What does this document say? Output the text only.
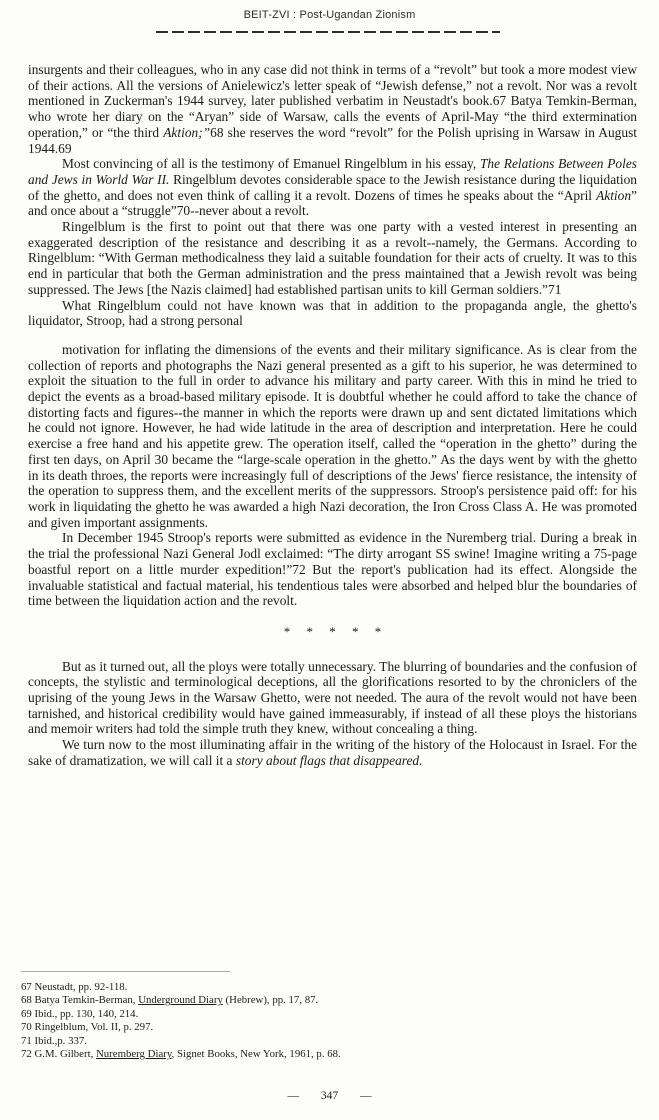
BEIT-ZVI : Post-Ugandan Zionism

insurgents and their colleagues, who in any case did not think in terms of a “revolt” but took a more modest view of their actions. All the versions of Anielewicz's letter speak of “Jewish defense,” not a revolt. Nor was a revolt mentioned in Zuckerman's 1944 survey, later published verbatim in Neustadt's book.67 Batya Temkin-Berman, who wrote her diary on the “Aryan” side of Warsaw, calls the events of April-May “the third extermination operation,” or “the third Aktion;”68 she reserves the word “revolt” for the Polish uprising in Warsaw in August 1944.69

Most convincing of all is the testimony of Emanuel Ringelblum in his essay, The Relations Between Poles and Jews in World War II. Ringelblum devotes considerable space to the Jewish resistance during the liquidation of the ghetto, and does not even think of calling it a revolt. Dozens of times he speaks about the “April Aktion” and once about a “struggle”70--never about a revolt.

Ringelblum is the first to point out that there was one party with a vested interest in presenting an exaggerated description of the resistance and describing it as a revolt--namely, the Germans. According to Ringelblum: “With German methodicalness they laid a suitable foundation for their acts of cruelty. It was to this end in particular that both the German administration and the press maintained that a Jewish revolt was being suppressed. The Jews [the Nazis claimed] had established partisan units to kill German soldiers.”71

What Ringelblum could not have known was that in addition to the propaganda angle, the ghetto's liquidator, Stroop, had a strong personal

motivation for inflating the dimensions of the events and their military significance. As is clear from the collection of reports and photographs the Nazi general presented as a gift to his superior, he was determined to exploit the situation to the full in order to advance his military and party career. With this in mind he tried to depict the events as a broad-based military episode. It is doubtful whether he could afford to take the chance of distorting facts and figures--the manner in which the reports were drawn up and sent dictated limitations which he could not ignore. However, he had wide latitude in the area of description and interpretation. Here he could exercise a free hand and his appetite grew. The operation itself, called the “operation in the ghetto” during the first ten days, on April 30 became the “large-scale operation in the ghetto.” As the days went by with the ghetto in its death throes, the reports were increasingly full of descriptions of the Jews' fierce resistance, the intensity of the operation to suppress them, and the excellent merits of the suppressors. Stroop's persistence paid off: for his work in liquidating the ghetto he was awarded a high Nazi decoration, the Iron Cross Class A. He was promoted and given important assignments.

In December 1945 Stroop's reports were submitted as evidence in the Nuremberg trial. During a break in the trial the professional Nazi General Jodl exclaimed: “The dirty arrogant SS swine! Imagine writing a 75-page boastful report on a little murder expedition!”72 But the report's publication had its effect. Alongside the invaluable statistical and factual material, his tendentious tales were absorbed and helped blur the boundaries of time between the liquidation action and the revolt.

* * * * *

But as it turned out, all the ploys were totally unnecessary. The blurring of boundaries and the confusion of concepts, the stylistic and terminological deceptions, all the glorifications resorted to by the chroniclers of the uprising of the young Jews in the Warsaw Ghetto, were not needed. The aura of the revolt would not have been tarnished, and historical credibility would have gained immeasurably, if instead of all these ploys the historians and memoir writers had told the simple truth they knew, without concealing a thing.

We turn now to the most illuminating affair in the writing of the history of the Holocaust in Israel. For the sake of dramatization, we will call it a story about flags that disappeared.

67 Neustadt, pp. 92-118.

68 Batya Temkin-Berman, Underground Diary (Hebrew), pp. 17, 87.

69 Ibid., pp. 130, 140, 214.

70 Ringelblum, Vol. II, p. 297.

71 Ibid.,p. 337.

72 G.M. Gilbert, Nuremberg Diary, Signet Books, New York, 1961, p. 68.

— 347 —
